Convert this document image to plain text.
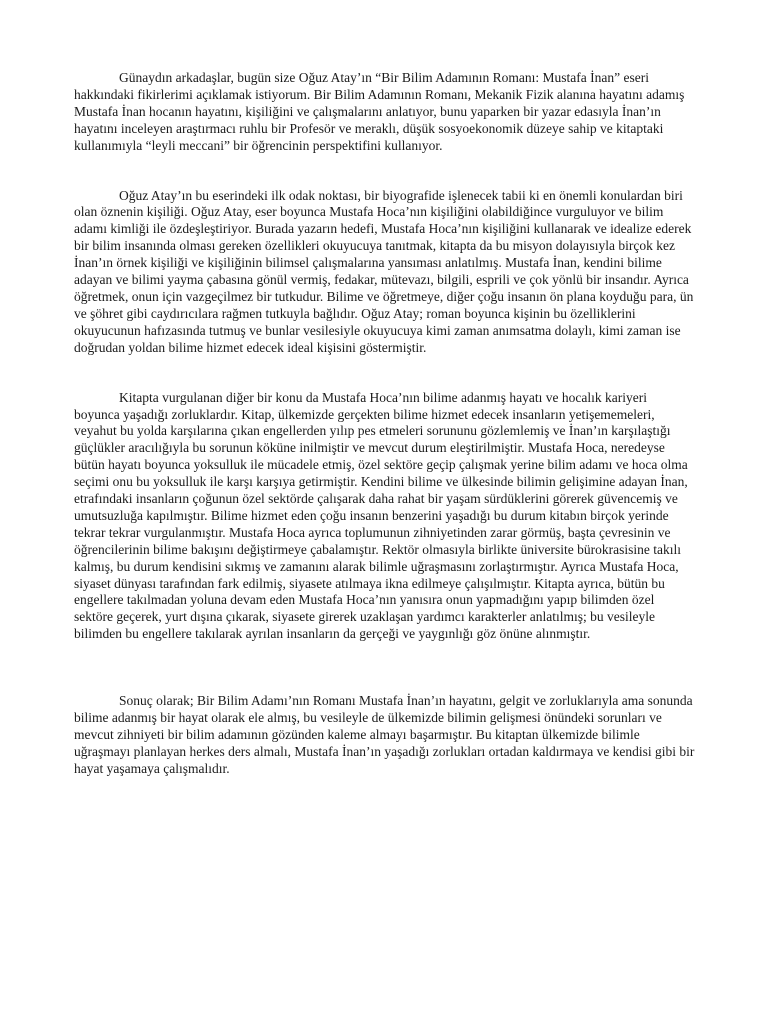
Günaydın arkadaşlar, bugün size Oğuz Atay’ın “Bir Bilim Adamının Romanı: Mustafa İnan” eseri hakkındaki fikirlerimi açıklamak istiyorum. Bir Bilim Adamının Romanı, Mekanik Fizik alanına hayatını adamış Mustafa İnan hocanın hayatını, kişiliğini ve çalışmalarını anlatıyor, bunu yaparken bir yazar edasıyla İnan’ın hayatını inceleyen araştırmacı ruhlu bir Profesör ve meraklı, düşük sosyoekonomik düzeye sahip ve kitaptaki kullanımıyla “leyli meccani” bir öğrencinin perspektifini kullanıyor.

Oğuz Atay’ın bu eserindeki ilk odak noktası, bir biyografide işlenecek tabii ki en önemli konulardan biri olan öznenin kişiliği. Oğuz Atay, eser boyunca Mustafa Hoca’nın kişiliğini olabildiğince vurguluyor ve bilim adamı kimliği ile özdeşleştiriyor. Burada yazarın hedefi, Mustafa Hoca’nın kişiliğini kullanarak ve idealize ederek bir bilim insanında olması gereken özellikleri okuyucuya tanıtmak, kitapta da bu misyon dolayısıyla birçok kez İnan’ın örnek kişiliği ve kişiliğinin bilimsel çalışmalarına yansıması anlatılmış. Mustafa İnan, kendini bilime adayan ve bilimi yayma çabasına gönül vermiş, fedakar, mütevazı, bilgili, esprili ve çok yönlü bir insandır. Ayrıca öğretmek, onun için vazgeçilmez bir tutkudur. Bilime ve öğretmeye, diğer çoğu insanın ön plana koyduğu para, ün ve şöhret gibi caydırıcılara rağmen tutkuyla bağlıdır. Oğuz Atay; roman boyunca kişinin bu özelliklerini okuyucunun hafızasında tutmuş ve bunlar vesilesiyle okuyucuya kimi zaman anımsatma dolaylı, kimi zaman ise doğrudan yoldan bilime hizmet edecek ideal kişisini göstermiştir.

Kitapta vurgulanan diğer bir konu da Mustafa Hoca’nın bilime adanmış hayatı ve hocalık kariyeri boyunca yaşadığı zorluklardır. Kitap, ülkemizde gerçekten bilime hizmet edecek insanların yetişememeleri, veyahut bu yolda karşılarına çıkan engellerden yılıp pes etmeleri sorununu gözlemlemiş ve İnan’ın karşılaştığı güçlükler aracılığıyla bu sorunun köküne inilmiştir ve mevcut durum eleştirilmiştir. Mustafa Hoca, neredeyse bütün hayatı boyunca yoksulluk ile mücadele etmiş, özel sektöre geçip çalışmak yerine bilim adamı ve hoca olma seçimi onu bu yoksulluk ile karşı karşıya getirmiştir. Kendini bilime ve ülkesinde bilimin gelişimine adayan İnan, etrafındaki insanların çoğunun özel sektörde çalışarak daha rahat bir yaşam sürdüklerini görerek güvencemiş ve umutsuzluğa kapılmıştır. Bilime hizmet eden çoğu insanın benzerini yaşadığı bu durum kitabın birçok yerinde tekrar tekrar vurgulanmıştır. Mustafa Hoca ayrıca toplumunun zihniyetinden zarar görmüş, başta çevresinin ve öğrencilerinin bilime bakışını değiştirmeye çabalamıştır. Rektör olmasıyla birlikte üniversite bürokrasisine takılı kalmış, bu durum kendisini sıkmış ve zamanını alarak bilimle uğraşmasını zorlaştırmıştır. Ayrıca Mustafa Hoca, siyaset dünyası tarafından fark edilmiş, siyasete atılmaya ikna edilmeye çalışılmıştır. Kitapta ayrıca, bütün bu engellere takılmadan yoluna devam eden Mustafa Hoca’nın yanısıra onun yapmadığını yapıp bilimden özel sektöre geçerek, yurt dışına çıkarak, siyasete girerek uzaklaşan yardımcı karakterler anlatılmış; bu vesileyle bilimden bu engellere takılarak ayrılan insanların da gerçeği ve yaygınlığı göz önüne alınmıştır.

Sonuç olarak; Bir Bilim Adamı’nın Romanı Mustafa İnan’ın hayatını, gelgit ve zorluklarıyla ama sonunda bilime adanmış bir hayat olarak ele almış, bu vesileyle de ülkemizde bilimin gelişmesi önündeki sorunları ve mevcut zihniyeti bir bilim adamının gözünden kaleme almayı başarmıştır. Bu kitaptan ülkemizde bilimle uğraşmayı planlayan herkes ders almalı, Mustafa İnan’ın yaşadığı zorlukları ortadan kaldırmaya ve kendisi gibi bir hayat yaşamaya çalışmalıdır.
